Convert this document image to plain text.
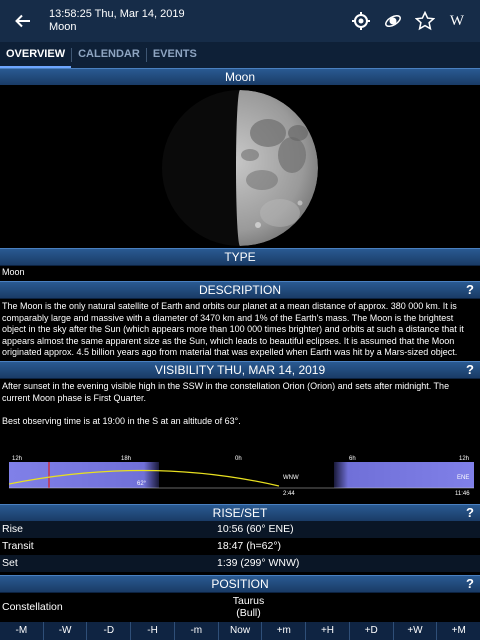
13:58:25 Thu, Mar 14, 2019
Moon	W
OVERVIEW	CALENDAR	EVENTS
Moon
TYPE
Moon
DESCRIPTION	?
The Moon is the only natural satellite of Earth and orbits our planet at a mean distance of approx. 380 000 km. It is comparably large and massive with a diameter of 3470 km and 1% of the Earth's mass. The Moon is the brightest object in the sky after the Sun (which appears more than 100 000 times brighter) and orbits at such a distance that it appears almost the same apparent size as the Sun, which leads to beautiful eclipses. It is assumed that the Moon originated approx. 4.5 billion years ago from material that was expelled when Earth was hit by a Mars-sized object.
VISIBILITY THU, MAR 14, 2019	?
After sunset in the evening visible high in the SSW in the constellation Orion (Orion) and sets after midnight. The current Moon phase is First Quarter.
Best observing time is at 19:00 in the S at an altitude of 63°.
12h	18h	0h	6h	12h
62°
WNW	ENE
2:44	11:46
RISE/SET	?
Rise	10:56 (60° ENE)
Transit	18:47 (h=62°)
Set	1:39 (299° WNW)
POSITION	?
Constellation	Taurus
(Bull)
-M	-W	-D	-H	-m	Now	+m	+H	+D	+W	+M
